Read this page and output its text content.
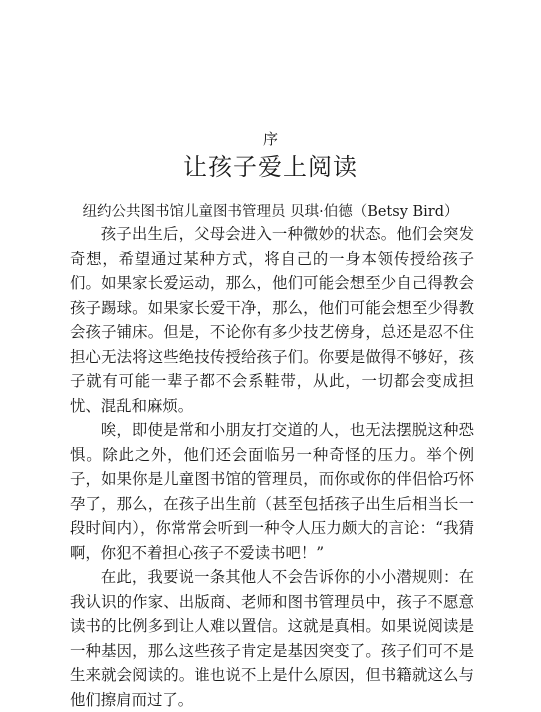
序
让孩子爱上阅读
纽约公共图书馆儿童图书管理员 贝琪·伯德（Betsy Bird）

孩子出生后，父母会进入一种微妙的状态。他们会突发奇想，希望通过某种方式，将自己的一身本领传授给孩子们。如果家长爱运动，那么，他们可能会想至少自己得教会孩子踢球。如果家长爱干净，那么，他们可能会想至少得教会孩子铺床。但是，不论你有多少技艺傍身，总还是忍不住担心无法将这些绝技传授给孩子们。你要是做得不够好，孩子就有可能一辈子都不会系鞋带，从此，一切都会变成担忧、混乱和麻烦。

唉，即使是常和小朋友打交道的人，也无法摆脱这种恐惧。除此之外，他们还会面临另一种奇怪的压力。举个例子，如果你是儿童图书馆的管理员，而你或你的伴侣恰巧怀孕了，那么，在孩子出生前（甚至包括孩子出生后相当长一段时间内），你常常会听到一种令人压力颇大的言论：“我猜啊，你犯不着担心孩子不爱读书吧！”

在此，我要说一条其他人不会告诉你的小小潜规则：在我认识的作家、出版商、老师和图书管理员中，孩子不愿意读书的比例多到让人难以置信。这就是真相。如果说阅读是一种基因，那么这些孩子肯定是基因突变了。孩子们可不是生来就会阅读的。谁也说不上是什么原因，但书籍就这么与他们擦肩而过了。
